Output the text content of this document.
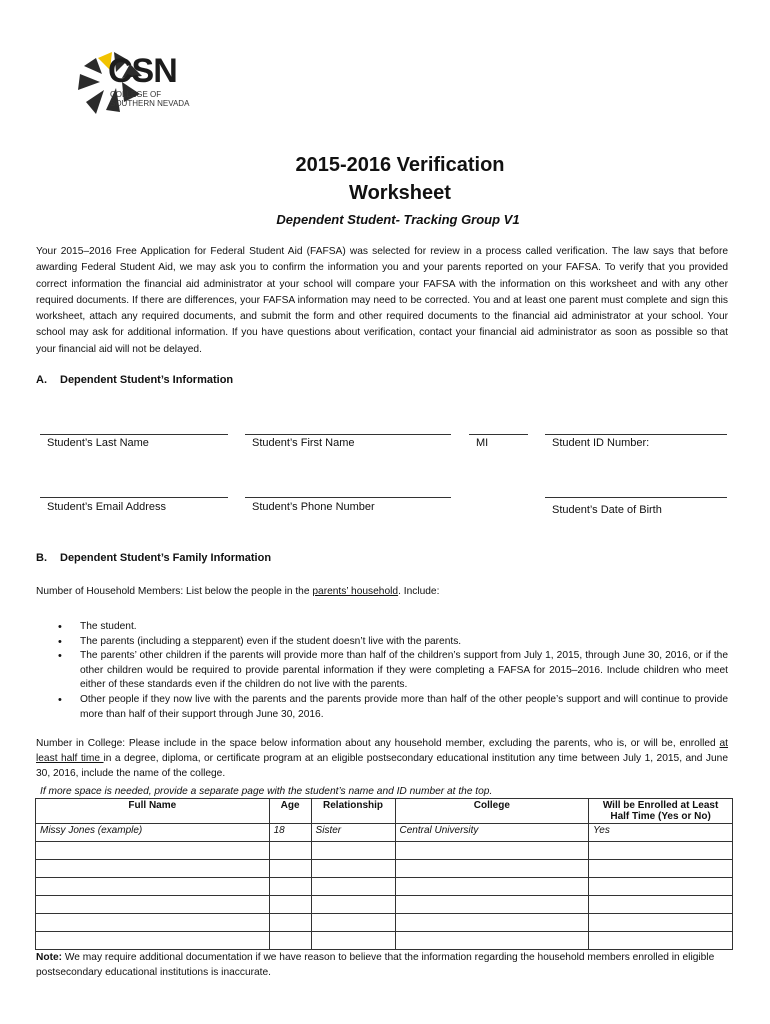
CSN
COLLEGE OF
SOUTHERN NEVADA
2015-2016 Verification
Worksheet
Dependent Student- Tracking Group V1
Your 2015–2016 Free Application for Federal Student Aid (FAFSA) was selected for review in a process called verification. The law says that before awarding Federal Student Aid, we may ask you to confirm the information you and your parents reported on your FAFSA. To verify that you provided correct information the financial aid administrator at your school will compare your FAFSA with the information on this worksheet and with any other required documents. If there are differences, your FAFSA information may need to be corrected. You and at least one parent must complete and sign this worksheet, attach any required documents, and submit the form and other required documents to the financial aid administrator at your school. Your school may ask for additional information. If you have questions about verification, contact your financial aid administrator as soon as possible so that your financial aid will not be delayed.
A. Dependent Student’s Information
Student’s Last Name	Student’s First Name	MI	Student ID Number:
Student’s Email Address	Student’s Phone Number	Student’s Date of Birth
B. Dependent Student’s Family Information
Number of Household Members: List below the people in the parents’ household. Include:
• The student.
• The parents (including a stepparent) even if the student doesn’t live with the parents.
• The parents’ other children if the parents will provide more than half of the children’s support from July 1, 2015, through June 30, 2016, or if the other children would be required to provide parental information if they were completing a FAFSA for 2015–2016. Include children who meet either of these standards even if the children do not live with the parents.
• Other people if they now live with the parents and the parents provide more than half of the other people’s support and will continue to provide more than half of their support through June 30, 2016.
Number in College: Please include in the space below information about any household member, excluding the parents, who is, or will be, enrolled at least half time in a degree, diploma, or certificate program at an eligible postsecondary educational institution any time between July 1, 2015, and June 30, 2016, include the name of the college.
If more space is needed, provide a separate page with the student’s name and ID number at the top.
Full Name	Age	Relationship	College	Will be Enrolled at Least Half Time (Yes or No)
Missy Jones (example)	18	Sister	Central University	Yes

Note: We may require additional documentation if we have reason to believe that the information regarding the household members enrolled in eligible postsecondary educational institutions is inaccurate.
